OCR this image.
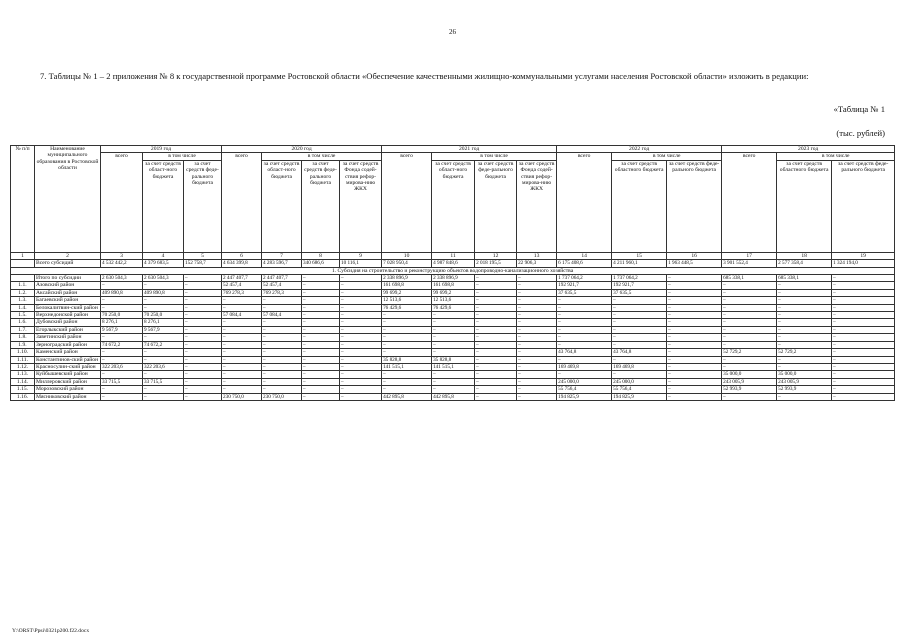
26
7. Таблицы № 1 – 2 приложения № 8 к государственной программе Ростовской области «Обеспечение качественными жилищно-коммунальными услугами населения Ростовской области» изложить в редакции:
«Таблица № 1
(тыс. рублей)
№ п/п	Наименование муниципального образования в Ростовской области	2019 год			2020 год				2021 год				2022 год			2023 год		
		всего	в том числе		всего	в том числе			всего	в том числе			всего	в том числе		всего	в том числе	
			за счет средств област-ного бюджета	за счет средств феде-рального бюджета		за счет средств област-ного бюджета	за счет средств феде-рального бюджета	за счет средств Фонда содей-ствия рефор-мирова-нию ЖКХ		за счет средств област-ного бюджета	за счет средств феде-рального бюджета	за счет средств Фонда содей-ствия рефор-мирова-нию ЖКХ		за счет средств областного бюджета	за счет средств феде-рального бюджета		за счет средств областного бюджета	за счет средств феде-рального бюджета
1	2	3	4	5	6	7	8	9	10	11	12	13	14	15	16	17	18	19
	Всего субсидий	4 532 442,2	4 379 683,5	152 758,7	4 634 399,8	4 283 596,7	340 686,6	10 116,1	7 028 950,4	4 987 848,6	2 018 195,5	22 906,3	6 175 408,6	4 211 960,1	1 963 448,5	3 901 552,4	2 577 358,4	1 324 194,0
1. Субсидия на строительство и реконструкцию объектов водопроводно-канализационного хозяйства																		
	Итого по субсидии	2 630 504,3	2 630 504,3	–	2 447 407,7	2 447 407,7	–	–	2 338 896,9	2 338 896,9	–	–	1 737 064,2	1 737 064,2	–	685 338,1	685 338,1	–
1.1.	Азовский район	–	–	–	52 457,4	52 457,4	–	–	161 698,8	161 698,8	–	–	192 921,7	192 921,7	–	–	–	–
1.2.	Аксайский район	409 890,8	409 890,8	–	769 278,3	769 278,3	–	–	99 699,2	99 699,2	–	–	37 635,5	37 635,5	–	–	–	–
1.3.	Багаевский район	–	–	–	–	–	–	–	12 513,6	12 513,6	–	–	–	–	–	–	–	–
1.4.	Белокалитвин-ский район	–	–	–	–	–	–	–	76 429,6	76 429,6	–	–	–	–	–	–	–	–
1.5.	Верхнедонской район	70 250,0	70 250,0	–	57 084,4	57 084,4	–	–	–	–	–	–	–	–	–	–	–	–
1.6.	Дубовский район	8 276,1	8 276,1	–	–	–	–	–	–	–	–	–	–	–	–	–	–	–
1.7.	Егорлыкский район	9 567,9	9 567,9	–	–	–	–	–	–	–	–	–	–	–	–	–	–	–
1.8.	Заветинский район	–	–	–	–	–	–	–	–	–	–	–	–	–	–	–	–	–
1.9.	Зерноградский район	74 672,2	74 672,2	–	–	–	–	–	–	–	–	–	–	–	–	–	–	–
1.10.	Каменский район	–	–	–	–	–	–	–	–	–	–	–	43 764,8	43 764,8	–	52 729,2	52 729,2	–
1.11.	Константинов-ский район	–	–	–	–	–	–	–	35 828,8	35 828,8	–	–	–	–	–	–	–	–
1.12.	Красносулин-ский район	322 203,6	322 203,6	–	–	–	–	–	141 515,1	141 515,1	–	–	169 469,8	169 469,8	–	–	–	–
1.13.	Куйбышевский район	–	–	–	–	–	–	–	–	–	–	–	–	–	–	35 000,0	35 000,0	–
1.14.	Миллеровский район	33 715,5	33 715,5	–	–	–	–	–	–	–	–	–	245 000,0	245 000,0	–	243 005,9	243 005,9	–
1.15.	Морозовский район	–	–	–	–	–	–	–	–	–	–	–	55 756,4	55 756,4	–	52 993,9	52 993,9	–
1.16.	Мясниковский район	–	–	–	230 750,0	230 750,0	–	–	442 895,8	442 895,8	–	–	194 825,9	194 825,9	–	–	–	–
Y:\ORST\Ppsi\0321p200.f22.docx
